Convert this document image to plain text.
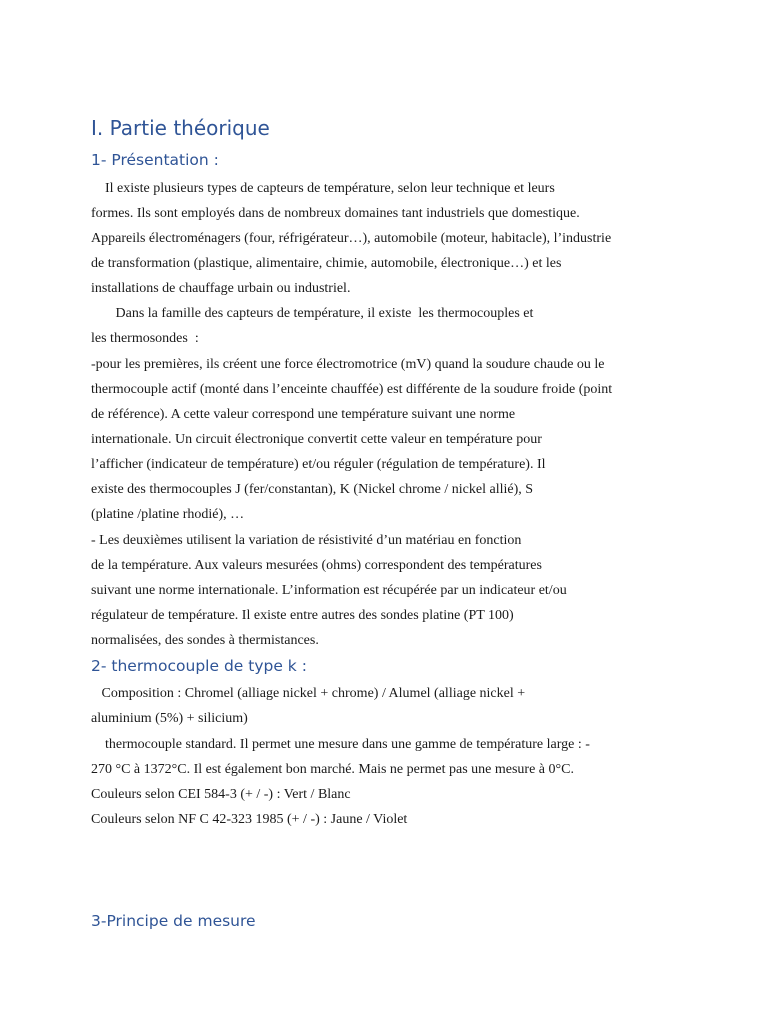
I. Partie théorique
1- Présentation :
Il existe plusieurs types de capteurs de température, selon leur technique et leurs
formes. Ils sont employés dans de nombreux domaines tant industriels que domestique.
Appareils électroménagers (four, réfrigérateur…), automobile (moteur, habitacle), l’industrie
de transformation (plastique, alimentaire, chimie, automobile, électronique…) et les
installations de chauffage urbain ou industriel.
Dans la famille des capteurs de température, il existe  les thermocouples et
les thermosondes  :
-pour les premières, ils créent une force électromotrice (mV) quand la soudure chaude ou le
thermocouple actif (monté dans l’enceinte chauffée) est différente de la soudure froide (point
de référence). A cette valeur correspond une température suivant une norme
internationale. Un circuit électronique convertit cette valeur en température pour
l’afficher (indicateur de température) et/ou réguler (régulation de température). Il
existe des thermocouples J (fer/constantan), K (Nickel chrome / nickel allié), S
(platine /platine rhodié), …
- Les deuxièmes utilisent la variation de résistivité d’un matériau en fonction
de la température. Aux valeurs mesurées (ohms) correspondent des températures
suivant une norme internationale. L’information est récupérée par un indicateur et/ou
régulateur de température. Il existe entre autres des sondes platine (PT 100)
normalisées, des sondes à thermistances.
2- thermocouple de type k :
Composition : Chromel (alliage nickel + chrome) / Alumel (alliage nickel +
aluminium (5%) + silicium)
thermocouple standard. Il permet une mesure dans une gamme de température large : -
270 °C à 1372°C. Il est également bon marché. Mais ne permet pas une mesure à 0°C.
Couleurs selon CEI 584-3 (+ / -) : Vert / Blanc
Couleurs selon NF C 42-323 1985 (+ / -) : Jaune / Violet
3-Principe de mesure
